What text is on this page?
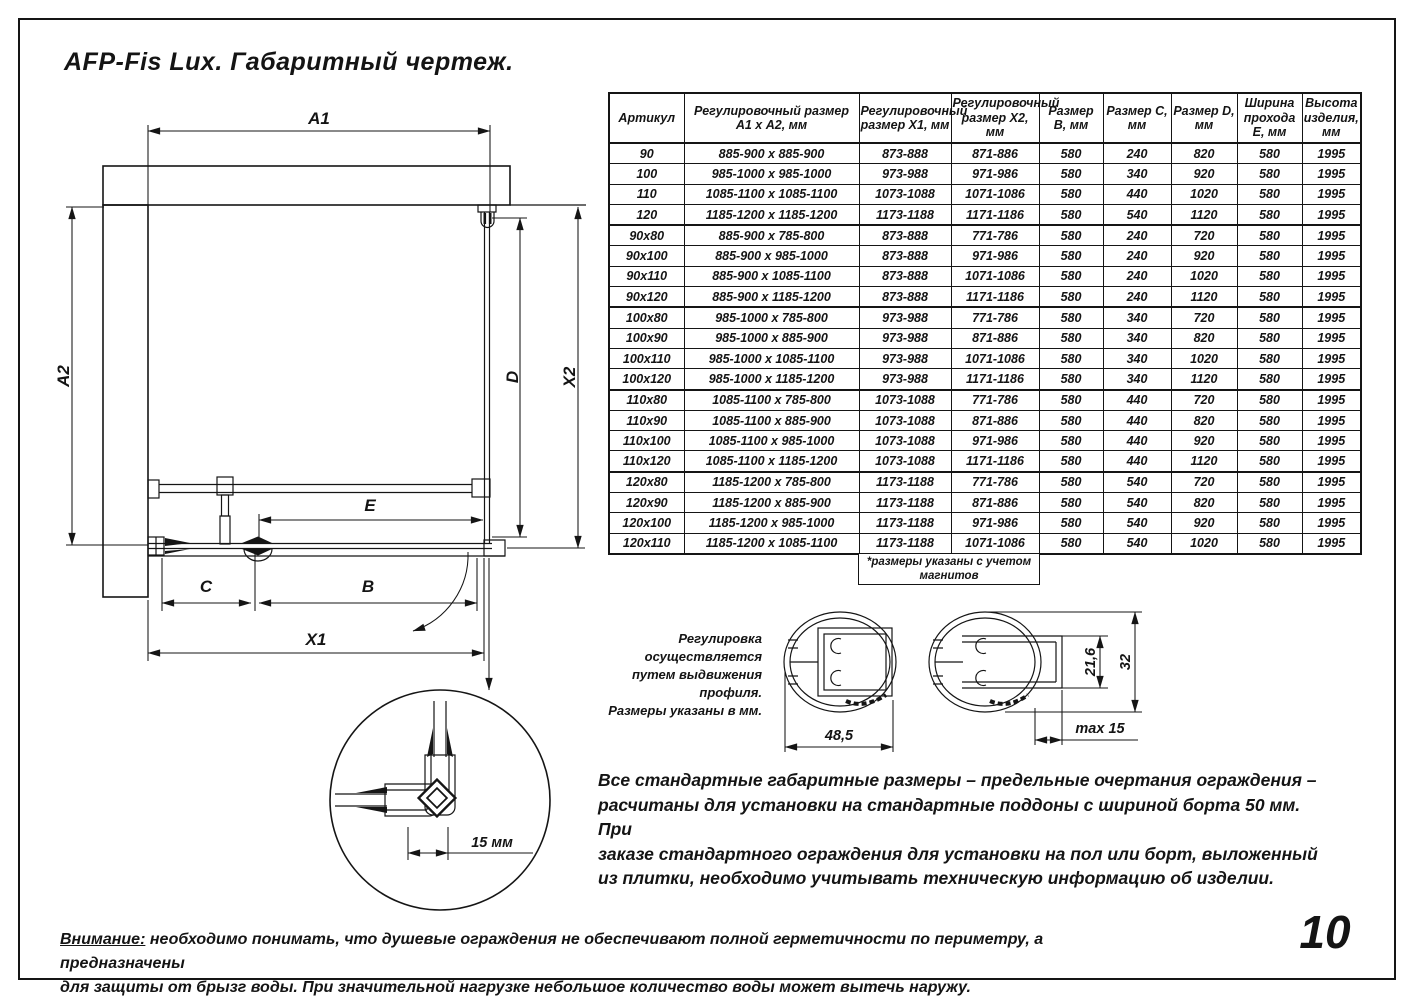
AFP-Fis Lux. Габаритный чертеж.
A1
A2	D X2
E
C	B
X1
15 мм
Артикул	Регулировочный размер А1 х А2, мм	Регулировочный размер Х1, мм	Регулировочный размер Х2, мм	Размер В, мм	Размер С, мм	Размер D, мм	Ширина прохода Е, мм	Высота изделия, мм
90	885-900 x 885-900	873-888	871-886	580	240	820	580	1995
100	985-1000 x 985-1000	973-988	971-986	580	340	920	580	1995
110	1085-1100 x 1085-1100	1073-1088	1071-1086	580	440	1020	580	1995
120	1185-1200 x 1185-1200	1173-1188	1171-1186	580	540	1120	580	1995
90x80	885-900 x 785-800	873-888	771-786	580	240	720	580	1995
90x100	885-900 x 985-1000	873-888	971-986	580	240	920	580	1995
90x110	885-900 x 1085-1100	873-888	1071-1086	580	240	1020	580	1995
90x120	885-900 x 1185-1200	873-888	1171-1186	580	240	1120	580	1995
100x80	985-1000 x 785-800	973-988	771-786	580	340	720	580	1995
100x90	985-1000 x 885-900	973-988	871-886	580	340	820	580	1995
100x110	985-1000 x 1085-1100	973-988	1071-1086	580	340	1020	580	1995
100x120	985-1000 x 1185-1200	973-988	1171-1186	580	340	1120	580	1995
110x80	1085-1100 x 785-800	1073-1088	771-786	580	440	720	580	1995
110x90	1085-1100 x 885-900	1073-1088	871-886	580	440	820	580	1995
110x100	1085-1100 x 985-1000	1073-1088	971-986	580	440	920	580	1995
110x120	1085-1100 x 1185-1200	1073-1088	1171-1186	580	440	1120	580	1995
120x80	1185-1200 x 785-800	1173-1188	771-786	580	540	720	580	1995
120x90	1185-1200 x 885-900	1173-1188	871-886	580	540	820	580	1995
120x100	1185-1200 x 985-1000	1173-1188	971-986	580	540	920	580	1995
120x110	1185-1200 x 1085-1100	1173-1188	1071-1086	580	540	1020	580	1995
*размеры указаны с учетом магнитов
Регулировка осуществляется
путем выдвижения профиля.
Размеры указаны в мм.
48,5
21,6 32
max 15
Все стандартные габаритные размеры – предельные очертания ограждения –
расчитаны для установки на стандартные поддоны с шириной борта 50 мм. При
заказе стандартного ограждения для установки на пол или борт, выложенный
из плитки, необходимо учитывать техническую информацию об изделии.
Внимание: необходимо понимать, что душевые ограждения не обеспечивают полной герметичности по периметру, а предназначены
для защиты от брызг воды. При значительной нагрузке небольшое количество воды может вытечь наружу.
10
